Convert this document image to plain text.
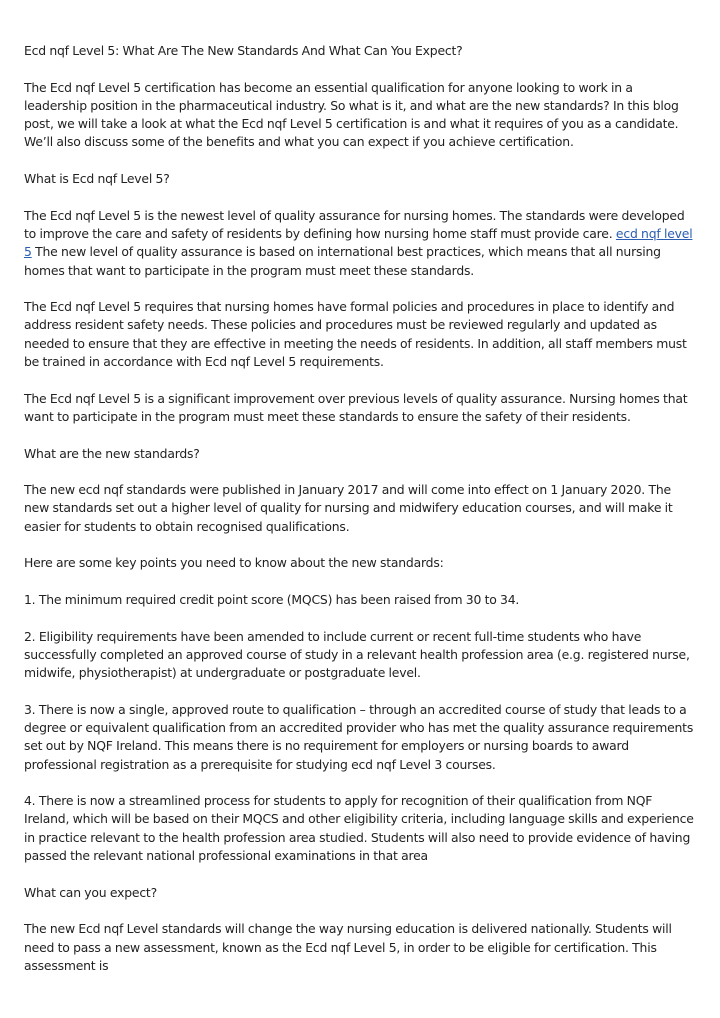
Ecd nqf Level 5: What Are The New Standards And What Can You Expect?

The Ecd nqf Level 5 certification has become an essential qualification for anyone looking to work in a leadership position in the pharmaceutical industry. So what is it, and what are the new standards? In this blog post, we will take a look at what the Ecd nqf Level 5 certification is and what it requires of you as a candidate. We’ll also discuss some of the benefits and what you can expect if you achieve certification.

What is Ecd nqf Level 5?

The Ecd nqf Level 5 is the newest level of quality assurance for nursing homes. The standards were developed to improve the care and safety of residents by defining how nursing home staff must provide care. ecd nqf level 5 The new level of quality assurance is based on international best practices, which means that all nursing homes that want to participate in the program must meet these standards.

The Ecd nqf Level 5 requires that nursing homes have formal policies and procedures in place to identify and address resident safety needs. These policies and procedures must be reviewed regularly and updated as needed to ensure that they are effective in meeting the needs of residents. In addition, all staff members must be trained in accordance with Ecd nqf Level 5 requirements.

The Ecd nqf Level 5 is a significant improvement over previous levels of quality assurance. Nursing homes that want to participate in the program must meet these standards to ensure the safety of their residents.

What are the new standards?

The new ecd nqf standards were published in January 2017 and will come into effect on 1 January 2020. The new standards set out a higher level of quality for nursing and midwifery education courses, and will make it easier for students to obtain recognised qualifications.

Here are some key points you need to know about the new standards:

1. The minimum required credit point score (MQCS) has been raised from 30 to 34.

2. Eligibility requirements have been amended to include current or recent full-time students who have successfully completed an approved course of study in a relevant health profession area (e.g. registered nurse, midwife, physiotherapist) at undergraduate or postgraduate level.

3. There is now a single, approved route to qualification – through an accredited course of study that leads to a degree or equivalent qualification from an accredited provider who has met the quality assurance requirements set out by NQF Ireland. This means there is no requirement for employers or nursing boards to award professional registration as a prerequisite for studying ecd nqf Level 3 courses.

4. There is now a streamlined process for students to apply for recognition of their qualification from NQF Ireland, which will be based on their MQCS and other eligibility criteria, including language skills and experience in practice relevant to the health profession area studied. Students will also need to provide evidence of having passed the relevant national professional examinations in that area

What can you expect?

The new Ecd nqf Level standards will change the way nursing education is delivered nationally. Students will need to pass a new assessment, known as the Ecd nqf Level 5, in order to be eligible for certification. This assessment is
